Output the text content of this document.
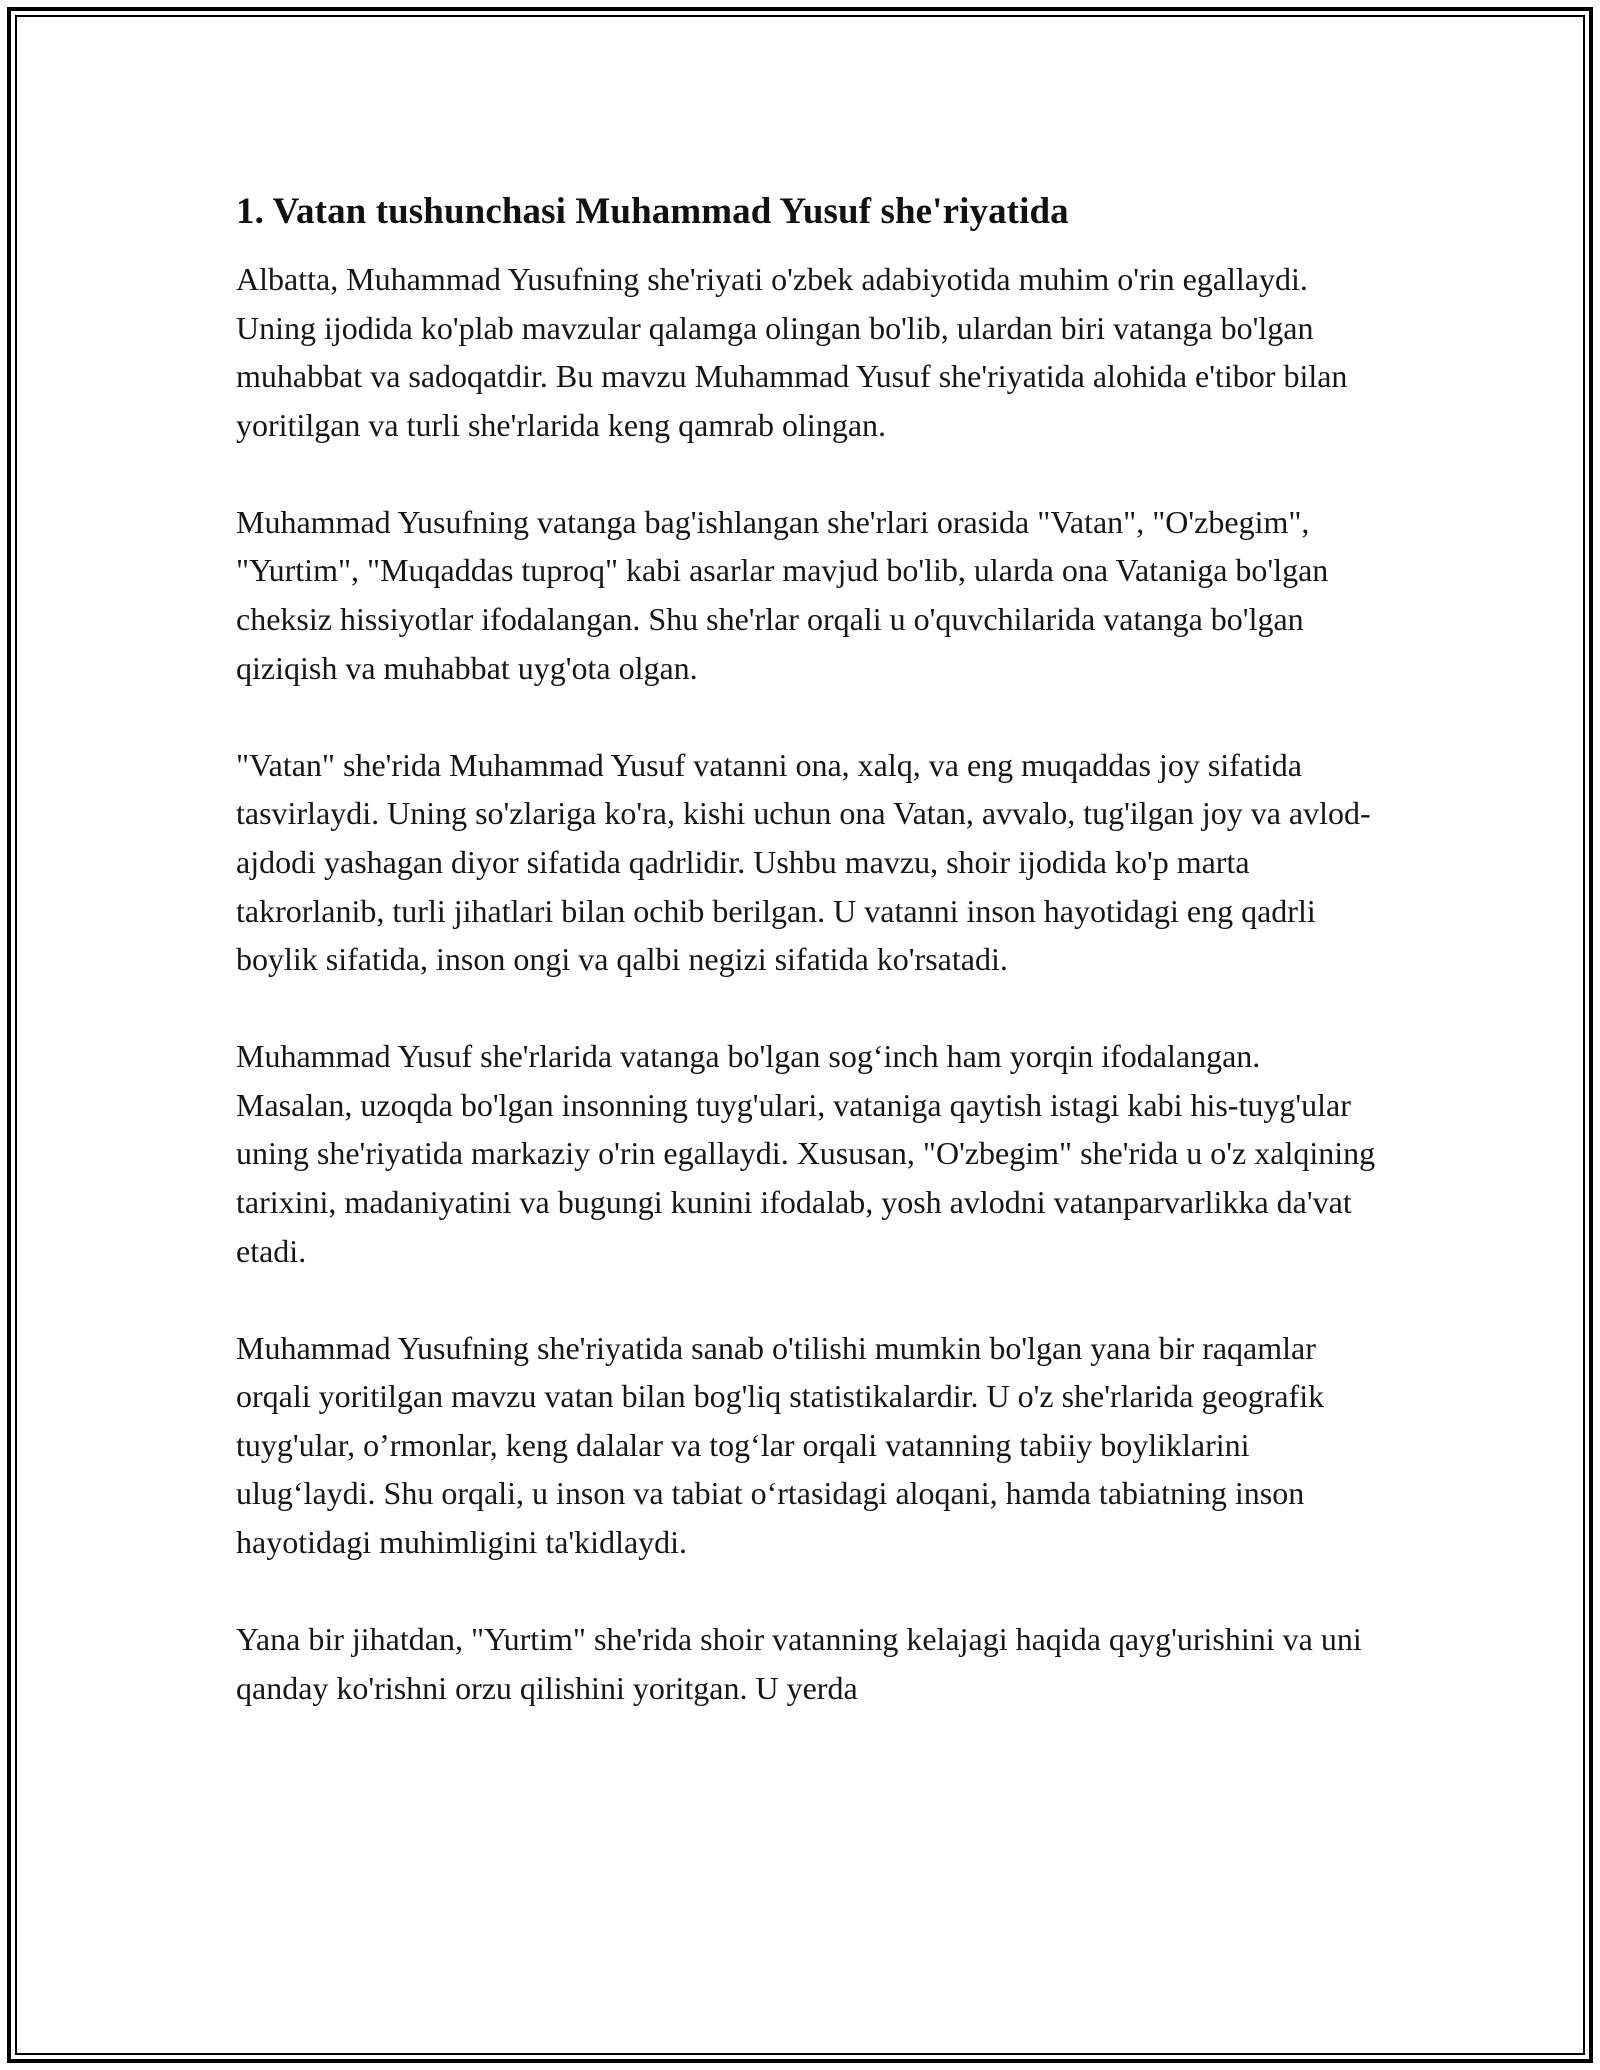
1. Vatan tushunchasi Muhammad Yusuf she'riyatida

Albatta, Muhammad Yusufning she'riyati o'zbek adabiyotida muhim o'rin egallaydi. Uning ijodida ko'plab mavzular qalamga olingan bo'lib, ulardan biri vatanga bo'lgan muhabbat va sadoqatdir. Bu mavzu Muhammad Yusuf she'riyatida alohida e'tibor bilan yoritilgan va turli she'rlarida keng qamrab olingan.

Muhammad Yusufning vatanga bag'ishlangan she'rlari orasida "Vatan", "O'zbegim", "Yurtim", "Muqaddas tuproq" kabi asarlar mavjud bo'lib, ularda ona Vataniga bo'lgan cheksiz hissiyotlar ifodalangan. Shu she'rlar orqali u o'quvchilarida vatanga bo'lgan qiziqish va muhabbat uyg'ota olgan.

"Vatan" she'rida Muhammad Yusuf vatanni ona, xalq, va eng muqaddas joy sifatida tasvirlaydi. Uning so'zlariga ko'ra, kishi uchun ona Vatan, avvalo, tug'ilgan joy va avlod-ajdodi yashagan diyor sifatida qadrlidir. Ushbu mavzu, shoir ijodida ko'p marta takrorlanib, turli jihatlari bilan ochib berilgan. U vatanni inson hayotidagi eng qadrli boylik sifatida, inson ongi va qalbi negizi sifatida ko'rsatadi.

Muhammad Yusuf she'rlarida vatanga bo'lgan sog‘inch ham yorqin ifodalangan. Masalan, uzoqda bo'lgan insonning tuyg'ulari, vataniga qaytish istagi kabi his-tuyg'ular uning she'riyatida markaziy o'rin egallaydi. Xususan, "O'zbegim" she'rida u o'z xalqining tarixini, madaniyatini va bugungi kunini ifodalab, yosh avlodni vatanparvarlikka da'vat etadi.

Muhammad Yusufning she'riyatida sanab o'tilishi mumkin bo'lgan yana bir raqamlar orqali yoritilgan mavzu vatan bilan bog'liq statistikalardir. U o'z she'rlarida geografik tuyg'ular, o’rmonlar, keng dalalar va tog‘lar orqali vatanning tabiiy boyliklarini ulug‘laydi. Shu orqali, u inson va tabiat o‘rtasidagi aloqani, hamda tabiatning inson hayotidagi muhimligini ta'kidlaydi.

Yana bir jihatdan, "Yurtim" she'rida shoir vatanning kelajagi haqida qayg'urishini va uni qanday ko'rishni orzu qilishini yoritgan. U yerda
